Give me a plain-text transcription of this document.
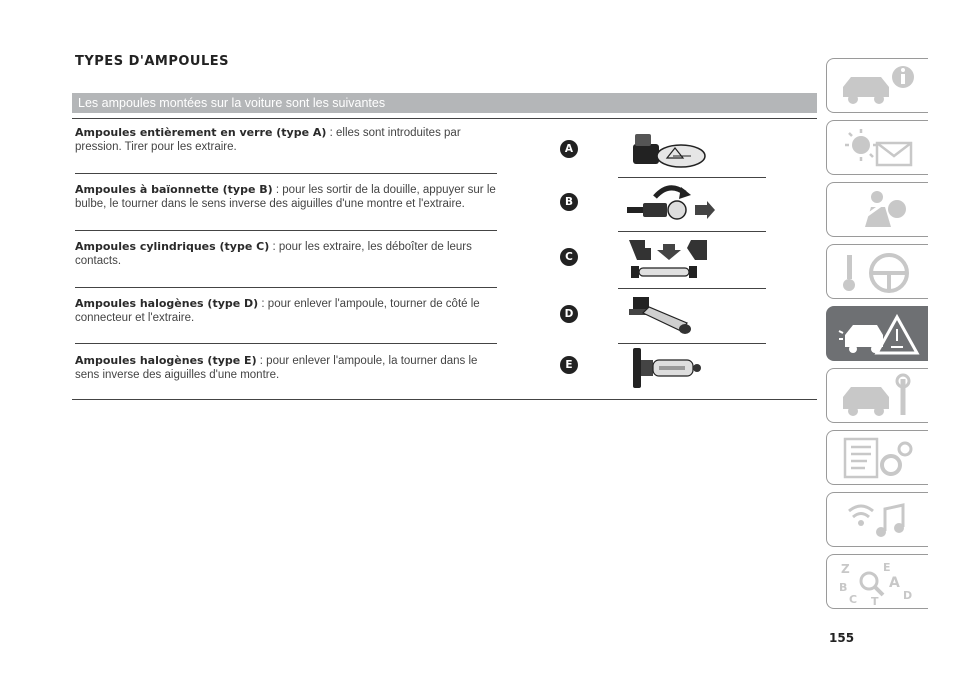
TYPES D'AMPOULES
Les ampoules montées sur la voiture sont les suivantes
Ampoules entièrement en verre (type A) : elles sont introduites par pression. Tirer pour les extraire.
Ampoules à baïonnette (type B) : pour les sortir de la douille, appuyer sur le bulbe, le tourner dans le sens inverse des aiguilles d'une montre et l'extraire.
Ampoules cylindriques (type C) : pour les extraire, les déboîter de leurs contacts.
Ampoules halogènes (type D) : pour enlever l'ampoule, tourner de côté le connecteur et l'extraire.
Ampoules halogènes (type E) : pour enlever l'ampoule, la tourner dans le sens inverse des aiguilles d'une montre.
A
B
C
D
E
Z	E
A
B
C	D
T
155
